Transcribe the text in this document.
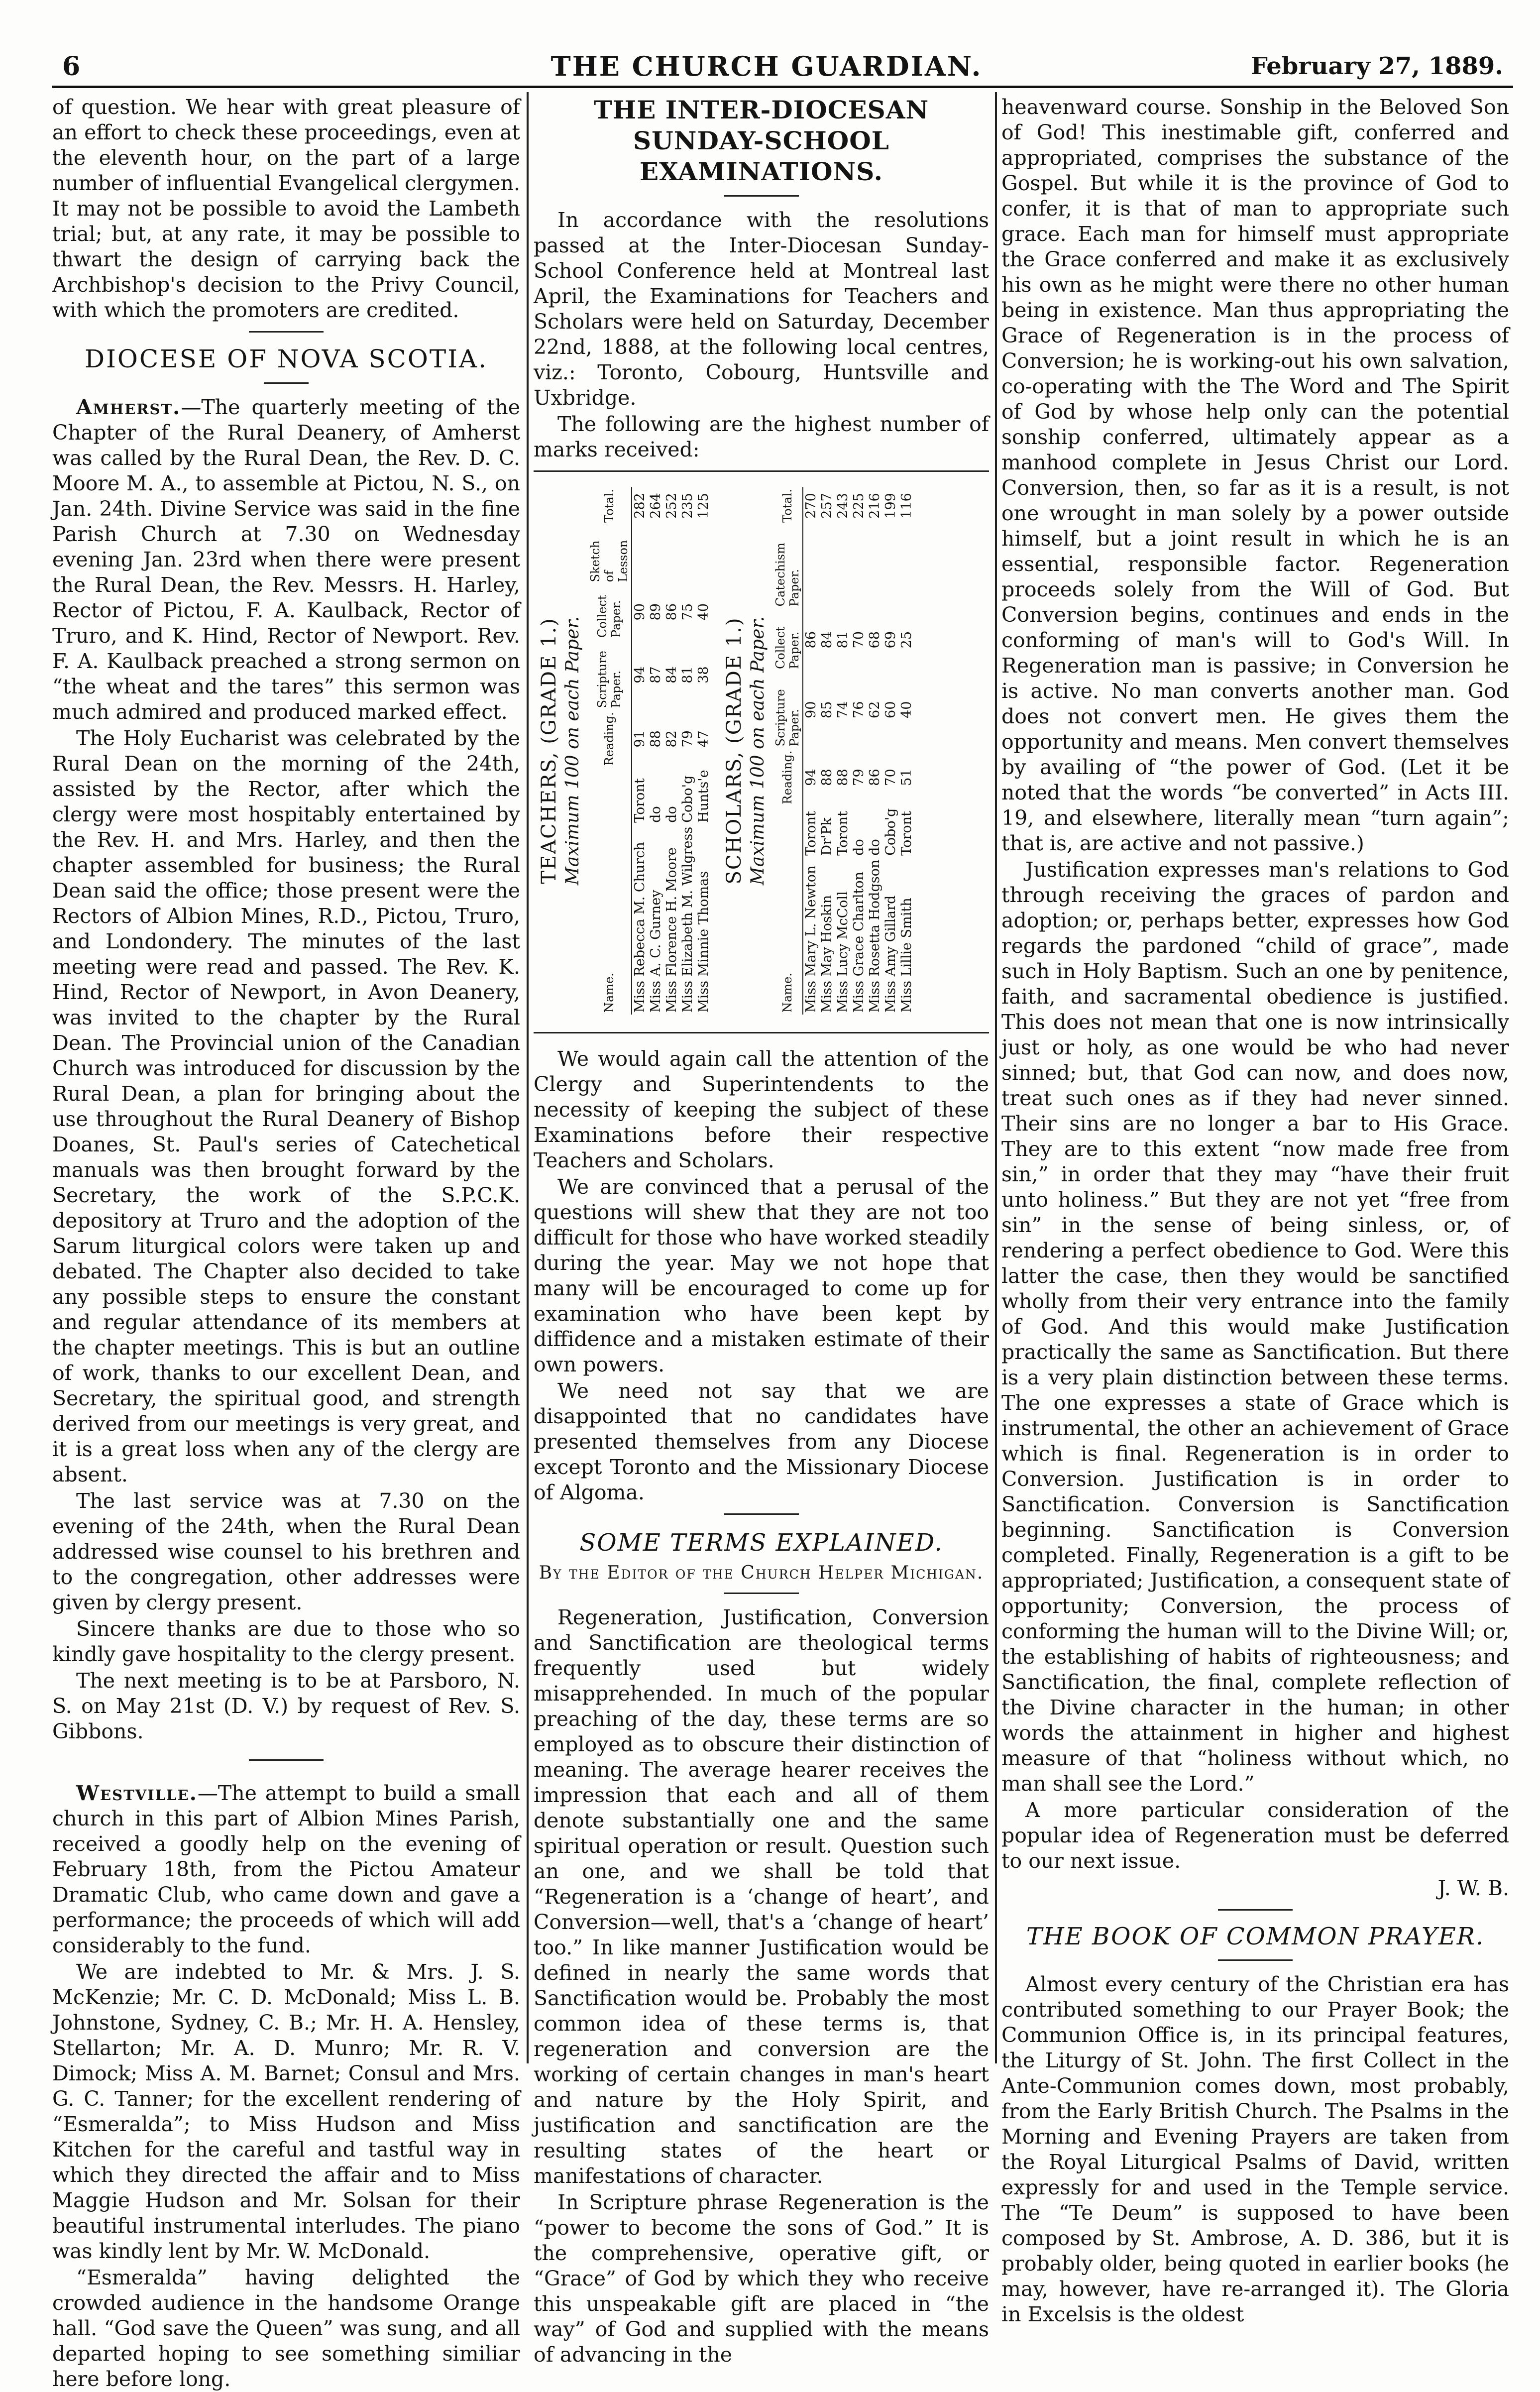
6	THE CHURCH GUARDIAN.	February 27, 1889.

of question. We hear with great pleasure of an effort to check these proceedings, even at the eleventh hour, on the part of a large number of influential Evangelical clergymen. It may not be possible to avoid the Lambeth trial; but, at any rate, it may be possible to thwart the design of carrying back the Archbishop's decision to the Privy Council, with which the promoters are credited.

DIOCESE OF NOVA SCOTIA.

Amherst.—The quarterly meeting of the Chapter of the Rural Deanery, of Amherst was called by the Rural Dean, the Rev. D. C. Moore M. A., to assemble at Pictou, N. S., on Jan. 24th. Divine Service was said in the fine Parish Church at 7.30 on Wednesday evening Jan. 23rd when there were present the Rural Dean, the Rev. Messrs. H. Harley, Rector of Pictou, F. A. Kaulback, Rector of Truro, and K. Hind, Rector of Newport. Rev. F. A. Kaulback preached a strong sermon on “the wheat and the tares” this sermon was much admired and produced marked effect.

The Holy Eucharist was celebrated by the Rural Dean on the morning of the 24th, assisted by the Rector, after which the clergy were most hospitably entertained by the Rev. H. and Mrs. Harley, and then the chapter assembled for business; the Rural Dean said the office; those present were the Rectors of Albion Mines, R.D., Pictou, Truro, and Londondery. The minutes of the last meeting were read and passed. The Rev. K. Hind, Rector of Newport, in Avon Deanery, was invited to the chapter by the Rural Dean. The Provincial union of the Canadian Church was introduced for discussion by the Rural Dean, a plan for bringing about the use throughout the Rural Deanery of Bishop Doanes, St. Paul's series of Catechetical manuals was then brought forward by the Secretary, the work of the S.P.C.K. depository at Truro and the adoption of the Sarum liturgical colors were taken up and debated. The Chapter also decided to take any possible steps to ensure the constant and regular attendance of its members at the chapter meetings. This is but an outline of work, thanks to our excellent Dean, and Secretary, the spiritual good, and strength derived from our meetings is very great, and it is a great loss when any of the clergy are absent.

The last service was at 7.30 on the evening of the 24th, when the Rural Dean addressed wise counsel to his brethren and to the congregation, other addresses were given by clergy present.

Sincere thanks are due to those who so kindly gave hospitality to the clergy present.

The next meeting is to be at Parsboro, N. S. on May 21st (D. V.) by request of Rev. S. Gibbons.

Westville.—The attempt to build a small church in this part of Albion Mines Parish, received a goodly help on the evening of February 18th, from the Pictou Amateur Dramatic Club, who came down and gave a performance; the proceeds of which will add considerably to the fund.

We are indebted to Mr. & Mrs. J. S. McKenzie; Mr. C. D. McDonald; Miss L. B. Johnstone, Sydney, C. B.; Mr. H. A. Hensley, Stellarton; Mr. A. D. Munro; Mr. R. V. Dimock; Miss A. M. Barnet; Consul and Mrs. G. C. Tanner; for the excellent rendering of “Esmeralda”; to Miss Hudson and Miss Kitchen for the careful and tastful way in which they directed the affair and to Miss Maggie Hudson and Mr. Solsan for their beautiful instrumental interludes. The piano was kindly lent by Mr. W. McDonald.

“Esmeralda” having delighted the crowded audience in the handsome Orange hall. “God save the Queen” was sung, and all departed hoping to see something similiar here before long.

THE INTER-DIOCESAN SUNDAY-SCHOOL EXAMINATIONS.

In accordance with the resolutions passed at the Inter-Diocesan Sunday-School Conference held at Montreal last April, the Examinations for Teachers and Scholars were held on Saturday, December 22nd, 1888, at the following local centres, viz.: Toronto, Cobourg, Huntsville and Uxbridge.

The following are the highest number of marks received:

TEACHERS, (GRADE 1.) Maximum 100 on each Paper.
Name.		Reading.	Scripture Paper.	Collect Paper.	Sketch of Lesson	Total.
Miss Rebecca M. Church	Toront	91	94	90		282
Miss A. C. Gurney	do	88	87	89		264
Miss Florence H. Moore	do	82	84	86		252
Miss Elizabeth M. Wilgress	Cobo'g	79	81	75		235
Miss Minnie Thomas	Hunts'e	47	38	40		125
SCHOLARS, (GRADE 1.) Maximum 100 on each Paper.
Name.		Reading.	Scripture Paper.	Collect Paper.	Catechism Paper.	Total.
Miss Mary L. Newton	Toront	94	90	86		270
Miss May Hoskin	Dr'Pk	88	85	84		257
Miss Lucy McColl	Toront	88	74	81		243
Miss Grace Charlton	do	79	76	70		225
Miss Rosetta Hodgson	do	86	62	68		216
Miss Amy Gillard	Cobo'g	70	60	69		199
Miss Lillie Smith	Toront	51	40	25		116

We would again call the attention of the Clergy and Superintendents to the necessity of keeping the subject of these Examinations before their respective Teachers and Scholars.

We are convinced that a perusal of the questions will shew that they are not too difficult for those who have worked steadily during the year. May we not hope that many will be encouraged to come up for examination who have been kept by diffidence and a mistaken estimate of their own powers.

We need not say that we are disappointed that no candidates have presented themselves from any Diocese except Toronto and the Missionary Diocese of Algoma.

SOME TERMS EXPLAINED.
By the Editor of the Church Helper Michigan.

Regeneration, Justification, Conversion and Sanctification are theological terms frequently used but widely misapprehended. In much of the popular preaching of the day, these terms are so employed as to obscure their distinction of meaning. The average hearer receives the impression that each and all of them denote substantially one and the same spiritual operation or result. Question such an one, and we shall be told that “Regeneration is a ‘change of heart’, and Conversion—well, that's a ‘change of heart’ too.” In like manner Justification would be defined in nearly the same words that Sanctification would be. Probably the most common idea of these terms is, that regeneration and conversion are the working of certain changes in man's heart and nature by the Holy Spirit, and justification and sanctification are the resulting states of the heart or manifestations of character.

In Scripture phrase Regeneration is the “power to become the sons of God.” It is the comprehensive, operative gift, or “Grace” of God by which they who receive this unspeakable gift are placed in “the way” of God and supplied with the means of advancing in the

heavenward course. Sonship in the Beloved Son of God! This inestimable gift, conferred and appropriated, comprises the substance of the Gospel. But while it is the province of God to confer, it is that of man to appropriate such grace. Each man for himself must appropriate the Grace conferred and make it as exclusively his own as he might were there no other human being in existence. Man thus appropriating the Grace of Regeneration is in the process of Conversion; he is working-out his own salvation, co-operating with the The Word and The Spirit of God by whose help only can the potential sonship conferred, ultimately appear as a manhood complete in Jesus Christ our Lord. Conversion, then, so far as it is a result, is not one wrought in man solely by a power outside himself, but a joint result in which he is an essential, responsible factor. Regeneration proceeds solely from the Will of God. But Conversion begins, continues and ends in the conforming of man's will to God's Will. In Regeneration man is passive; in Conversion he is active. No man converts another man. God does not convert men. He gives them the opportunity and means. Men convert themselves by availing of “the power of God. (Let it be noted that the words “be converted” in Acts III. 19, and elsewhere, literally mean “turn again”; that is, are active and not passive.)

Justification expresses man's relations to God through receiving the graces of pardon and adoption; or, perhaps better, expresses how God regards the pardoned “child of grace”, made such in Holy Baptism. Such an one by penitence, faith, and sacramental obedience is justified. This does not mean that one is now intrinsically just or holy, as one would be who had never sinned; but, that God can now, and does now, treat such ones as if they had never sinned. Their sins are no longer a bar to His Grace. They are to this extent “now made free from sin,” in order that they may “have their fruit unto holiness.” But they are not yet “free from sin” in the sense of being sinless, or, of rendering a perfect obedience to God. Were this latter the case, then they would be sanctified wholly from their very entrance into the family of God. And this would make Justification practically the same as Sanctification. But there is a very plain distinction between these terms. The one expresses a state of Grace which is instrumental, the other an achievement of Grace which is final. Regeneration is in order to Conversion. Justification is in order to Sanctification. Conversion is Sanctification beginning. Sanctification is Conversion completed. Finally, Regeneration is a gift to be appropriated; Justification, a consequent state of opportunity; Conversion, the process of conforming the human will to the Divine Will; or, the establishing of habits of righteousness; and Sanctification, the final, complete reflection of the Divine character in the human; in other words the attainment in higher and highest measure of that “holiness without which, no man shall see the Lord.”

A more particular consideration of the popular idea of Regeneration must be deferred to our next issue.

J. W. B.
THE BOOK OF COMMON PRAYER.

Almost every century of the Christian era has contributed something to our Prayer Book; the Communion Office is, in its principal features, the Liturgy of St. John. The first Collect in the Ante-Communion comes down, most probably, from the Early British Church. The Psalms in the Morning and Evening Prayers are taken from the Royal Liturgical Psalms of David, written expressly for and used in the Temple service. The “Te Deum” is supposed to have been composed by St. Ambrose, A. D. 386, but it is probably older, being quoted in earlier books (he may, however, have re-arranged it). The Gloria in Excelsis is the oldest
